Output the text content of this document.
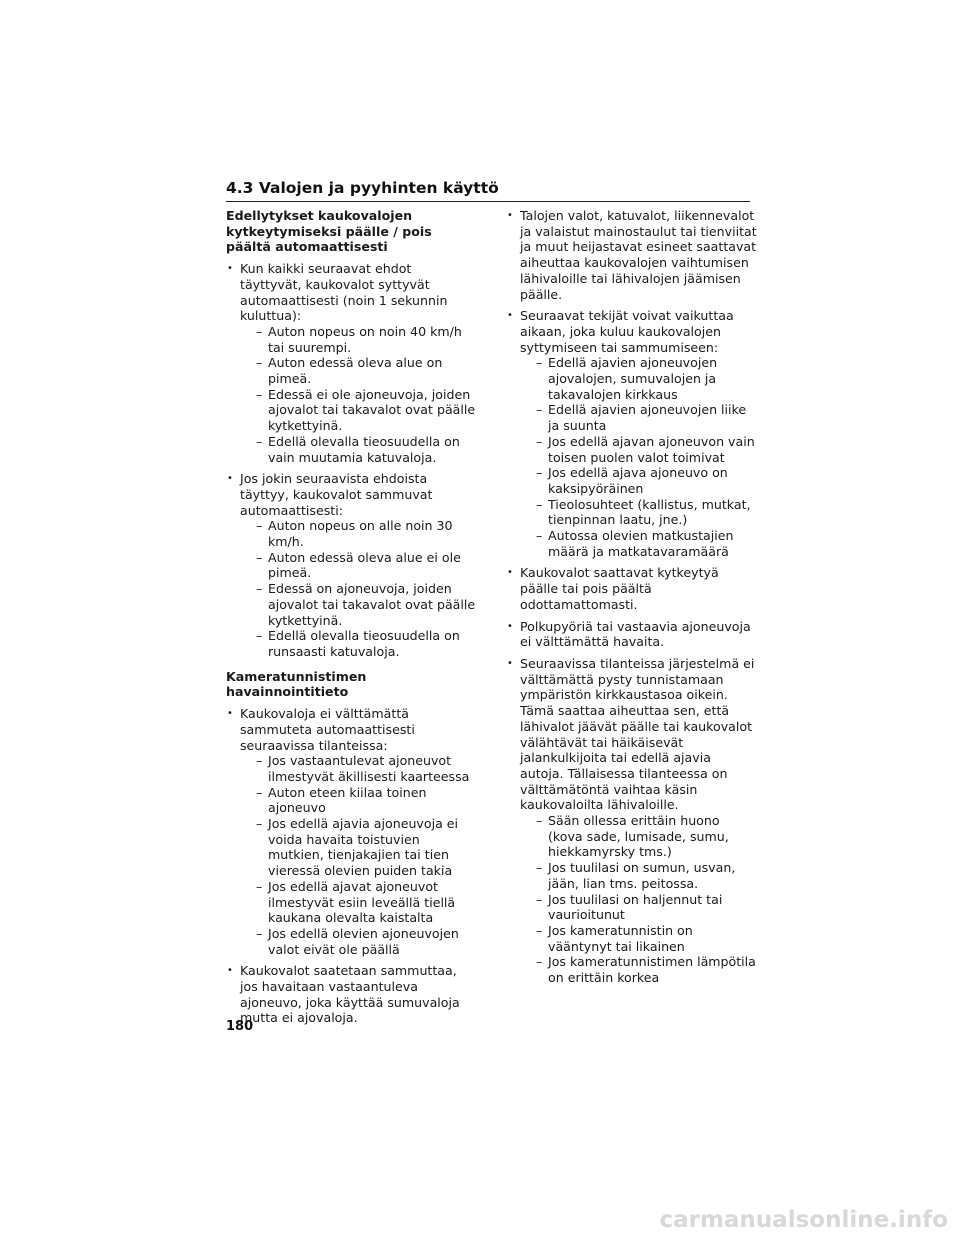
4.3 Valojen ja pyyhinten käyttö
Edellytykset kaukovalojen kytkeytymiseksi päälle / pois päältä automaattisesti
• Kun kaikki seuraavat ehdot täyttyvät, kaukovalot syttyvät automaattisesti (noin 1 sekunnin kuluttua):
– Auton nopeus on noin 40 km/h tai suurempi.
– Auton edessä oleva alue on pimeä.
– Edessä ei ole ajoneuvoja, joiden ajovalot tai takavalot ovat päälle kytkettyinä.
– Edellä olevalla tieosuudella on vain muutamia katuvaloja.
• Jos jokin seuraavista ehdoista täyttyy, kaukovalot sammuvat automaattisesti:
– Auton nopeus on alle noin 30 km/h.
– Auton edessä oleva alue ei ole pimeä.
– Edessä on ajoneuvoja, joiden ajovalot tai takavalot ovat päälle kytkettyinä.
– Edellä olevalla tieosuudella on runsaasti katuvaloja.
Kameratunnistimen havainnointitieto
• Kaukovaloja ei välttämättä sammuteta automaattisesti seuraavissa tilanteissa:
– Jos vastaantulevat ajoneuvot ilmestyvät äkillisesti kaarteessa
– Auton eteen kiilaa toinen ajoneuvo
– Jos edellä ajavia ajoneuvoja ei voida havaita toistuvien mutkien, tienjakajien tai tien vieressä olevien puiden takia
– Jos edellä ajavat ajoneuvot ilmestyvät esiin leveällä tiellä kaukana olevalta kaistalta
– Jos edellä olevien ajoneuvojen valot eivät ole päällä
• Kaukovalot saatetaan sammuttaa, jos havaitaan vastaantuleva ajoneuvo, joka käyttää sumuvaloja mutta ei ajovaloja.
• Talojen valot, katuvalot, liikennevalot ja valaistut mainostaulut tai tienviitat ja muut heijastavat esineet saattavat aiheuttaa kaukovalojen vaihtumisen lähivaloille tai lähivalojen jäämisen päälle.
• Seuraavat tekijät voivat vaikuttaa aikaan, joka kuluu kaukovalojen syttymiseen tai sammumiseen:
– Edellä ajavien ajoneuvojen ajovalojen, sumuvalojen ja takavalojen kirkkaus
– Edellä ajavien ajoneuvojen liike ja suunta
– Jos edellä ajavan ajoneuvon vain toisen puolen valot toimivat
– Jos edellä ajava ajoneuvo on kaksipyöräinen
– Tieolosuhteet (kallistus, mutkat, tienpinnan laatu, jne.)
– Autossa olevien matkustajien määrä ja matkatavaramäärä
• Kaukovalot saattavat kytkeytyä päälle tai pois päältä odottamattomasti.
• Polkupyöriä tai vastaavia ajoneuvoja ei välttämättä havaita.
• Seuraavissa tilanteissa järjestelmä ei välttämättä pysty tunnistamaan ympäristön kirkkaustasoa oikein. Tämä saattaa aiheuttaa sen, että lähivalot jäävät päälle tai kaukovalot välähtävät tai häikäisevät jalankulkijoita tai edellä ajavia autoja. Tällaisessa tilanteessa on välttämätöntä vaihtaa käsin kaukovaloilta lähivaloille.
– Sään ollessa erittäin huono (kova sade, lumisade, sumu, hiekkamyrsky tms.)
– Jos tuulilasi on sumun, usvan, jään, lian tms. peitossa.
– Jos tuulilasi on haljennut tai vaurioitunut
– Jos kameratunnistin on vääntynyt tai likainen
– Jos kameratunnistimen lämpötila on erittäin korkea
180
carmanualsonline.info
